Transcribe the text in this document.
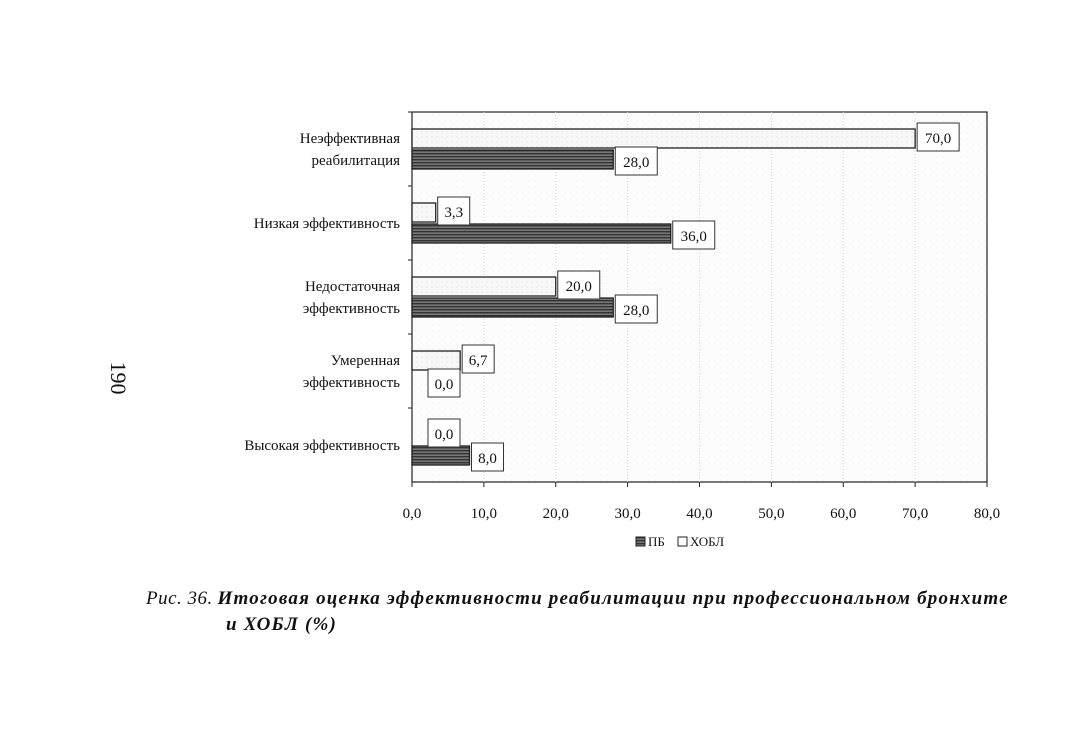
190
0,0	10,0	20,0	30,0	40,0	50,0	60,0	70,0	80,0
70,0
28,0
Неэффективная
реабилитация
3,3
36,0
Низкая эффективность
20,0
28,0
Недостаточная
эффективность
6,7
0,0
Умеренная
эффективность
0,0
8,0
Высокая эффективность
ПБ ХОБЛ
Рис. 36. Итоговая оценка эффективности реабилитации при профессиональном бронхите
и ХОБЛ (%)
